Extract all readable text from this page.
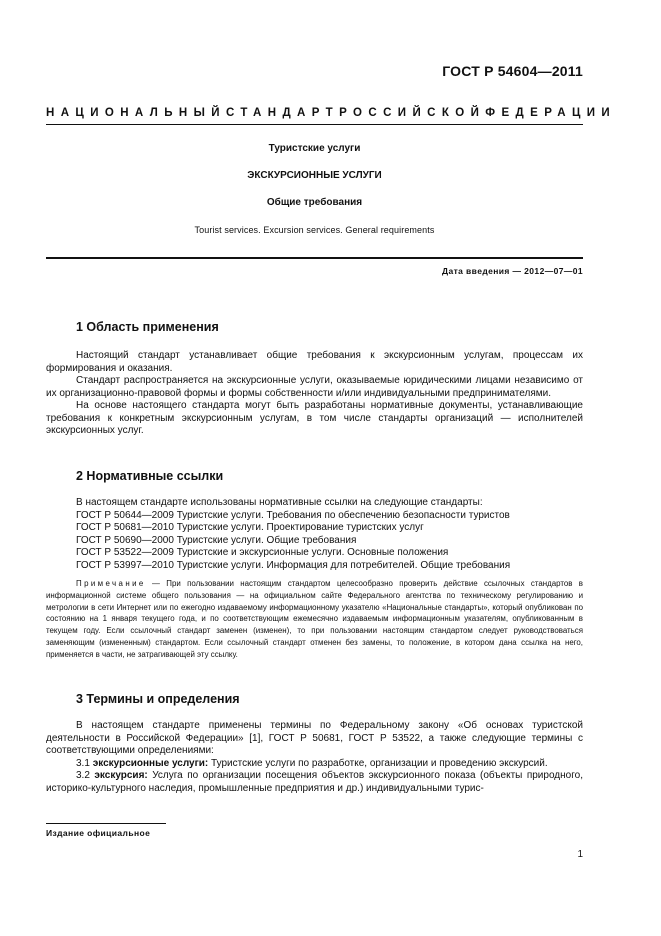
ГОСТ Р 54604—2011
НАЦИОНАЛЬНЫЙ СТАНДАРТ РОССИЙСКОЙ ФЕДЕРАЦИИ
Туристские услуги
ЭКСКУРСИОННЫЕ УСЛУГИ
Общие требования
Tourist services. Excursion services. General requirements
Дата введения — 2012—07—01
1 Область применения

Настоящий стандарт устанавливает общие требования к экскурсионным услугам, процессам их формирования и оказания.

Стандарт распространяется на экскурсионные услуги, оказываемые юридическими лицами независимо от их организационно-правовой формы и формы собственности и/или индивидуальными предпринимателями.

На основе настоящего стандарта могут быть разработаны нормативные документы, устанавливающие требования к конкретным экскурсионным услугам, в том числе стандарты организаций — исполнителей экскурсионных услуг.

2 Нормативные ссылки

В настоящем стандарте использованы нормативные ссылки на следующие стандарты:

ГОСТ Р 50644—2009 Туристские услуги. Требования по обеспечению безопасности туристов

ГОСТ Р 50681—2010 Туристские услуги. Проектирование туристских услуг

ГОСТ Р 50690—2000 Туристские услуги. Общие требования

ГОСТ Р 53522—2009 Туристские и экскурсионные услуги. Основные положения

ГОСТ Р 53997—2010 Туристские услуги. Информация для потребителей. Общие требования

Примечание — При пользовании настоящим стандартом целесообразно проверить действие ссылочных стандартов в информационной системе общего пользования — на официальном сайте Федерального агентства по техническому регулированию и метрологии в сети Интернет или по ежегодно издаваемому информационному указателю «Национальные стандарты», который опубликован по состоянию на 1 января текущего года, и по соответствующим ежемесячно издаваемым информационным указателям, опубликованным в текущем году. Если ссылочный стандарт заменен (изменен), то при пользовании настоящим стандартом следует руководствоваться заменяющим (измененным) стандартом. Если ссылочный стандарт отменен без замены, то положение, в котором дана ссылка на него, применяется в части, не затрагивающей эту ссылку.

3 Термины и определения

В настоящем стандарте применены термины по Федеральному закону «Об основах туристской деятельности в Российской Федерации» [1], ГОСТ Р 50681, ГОСТ Р 53522, а также следующие термины с соответствующими определениями:

3.1 экскурсионные услуги: Туристские услуги по разработке, организации и проведению экскурсий.

3.2 экскурсия: Услуга по организации посещения объектов экскурсионного показа (объекты природного, историко-культурного наследия, промышленные предприятия и др.) индивидуальными турис-

Издание официальное
1
